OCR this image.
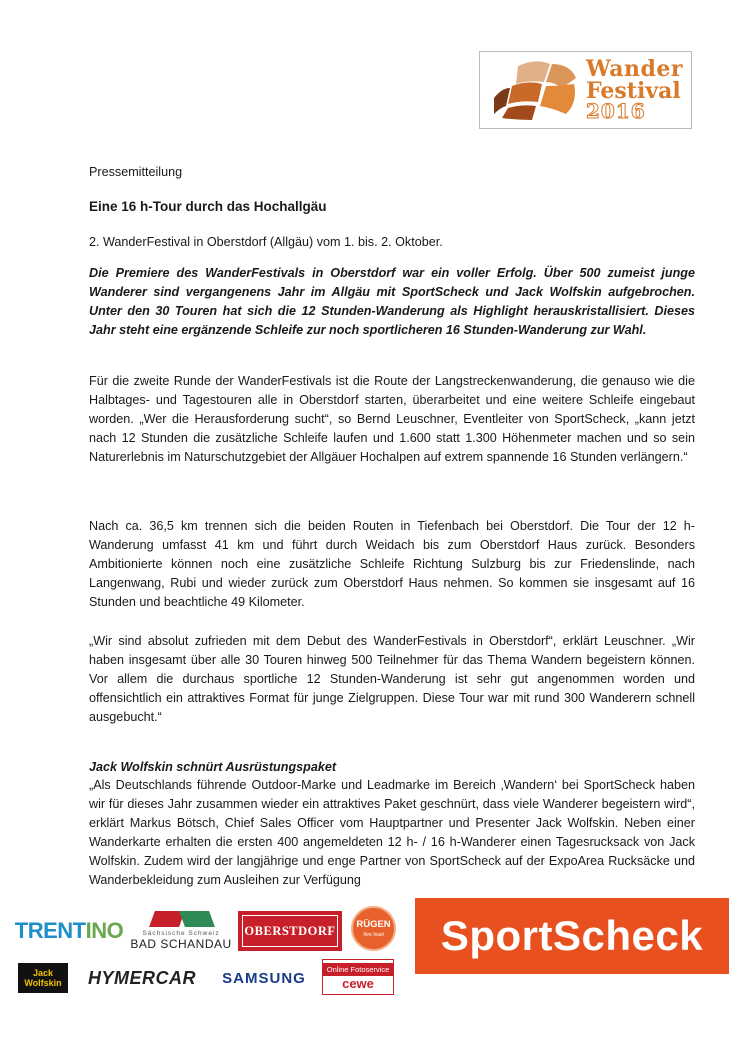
Wander
Festival
2016
Pressemitteilung
Eine 16 h-Tour durch das Hochallgäu
2. WanderFestival in Oberstdorf (Allgäu) vom 1. bis. 2. Oktober.
Die Premiere des WanderFestivals in Oberstdorf war ein voller Erfolg. Über 500 zumeist junge Wanderer sind vergangenens Jahr im Allgäu mit SportScheck und Jack Wolfskin aufgebrochen. Unter den 30 Touren hat sich die 12 Stunden-Wanderung als Highlight herauskristallisiert. Dieses Jahr steht eine ergänzende Schleife zur noch sportlicheren 16 Stunden-Wanderung zur Wahl.
Für die zweite Runde der WanderFestivals ist die Route der Langstreckenwanderung, die genauso wie die Halbtages- und Tagestouren alle in Oberstdorf starten, überarbeitet und eine weitere Schleife eingebaut worden. „Wer die Herausforderung sucht“, so Bernd Leuschner, Eventleiter von SportScheck, „kann jetzt nach 12 Stunden die zusätzliche Schleife laufen und 1.600 statt 1.300 Höhenmeter machen und so sein Naturerlebnis im Naturschutzgebiet der Allgäuer Hochalpen auf extrem spannende 16 Stunden verlängern.“
Nach ca. 36,5 km trennen sich die beiden Routen in Tiefenbach bei Oberstdorf. Die Tour der 12 h-Wanderung umfasst 41 km und führt durch Weidach bis zum Oberstdorf Haus zurück. Besonders Ambitionierte können noch eine zusätzliche Schleife Richtung Sulzburg bis zur Friedenslinde, nach Langenwang, Rubi und wieder zurück zum Oberstdorf Haus nehmen. So kommen sie insgesamt auf 16 Stunden und beachtliche 49 Kilometer.
„Wir sind absolut zufrieden mit dem Debut des WanderFestivals in Oberstdorf“, erklärt Leuschner. „Wir haben insgesamt über alle 30 Touren hinweg 500 Teilnehmer für das Thema Wandern begeistern können. Vor allem die durchaus sportliche 12 Stunden-Wanderung ist sehr gut angenommen worden und offensichtlich ein attraktives Format für junge Zielgruppen. Diese Tour war mit rund 300 Wanderern schnell ausgebucht.“
Jack Wolfskin schnürt Ausrüstungspaket
„Als Deutschlands führende Outdoor-Marke und Leadmarke im Bereich ‚Wandern‘ bei SportScheck haben wir für dieses Jahr zusammen wieder ein attraktives Paket geschnürt, dass viele Wanderer begeistern wird“, erklärt Markus Bötsch, Chief Sales Officer vom Hauptpartner und Presenter Jack Wolfskin. Neben einer Wanderkarte erhalten die ersten 400 angemeldeten 12 h- / 16 h-Wanderer einen Tagesrucksack von Jack Wolfskin. Zudem wird der langjährige und enge Partner von SportScheck auf der ExpoArea Rucksäcke und Wanderbekleidung zum Ausleihen zur Verfügung
TRENT INO	Sächsische Schweiz
BAD SCHANDAU
OBERSTDORF	RÜGEN
Ihre Insel	SportScheck
Jack
Wolfskin	HYMERCAR	SAMSUNG	Online Fotoservice
cewe
